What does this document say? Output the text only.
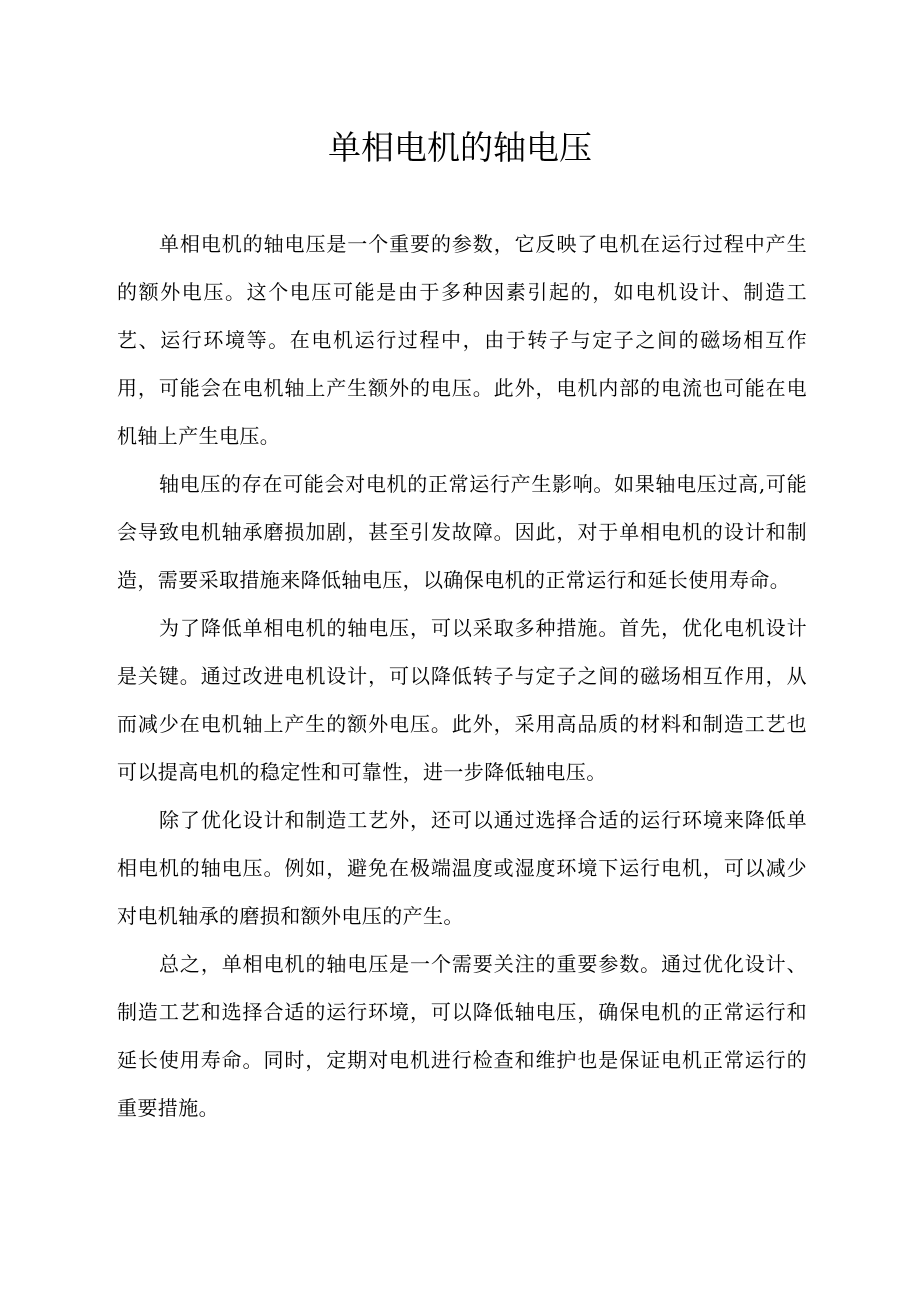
单相电机的轴电压

单相电机的轴电压是一个重要的参数，它反映了电机在运行过程中产生的额外电压。这个电压可能是由于多种因素引起的，如电机设计、制造工艺、运行环境等。在电机运行过程中，由于转子与定子之间的磁场相互作用，可能会在电机轴上产生额外的电压。此外，电机内部的电流也可能在电机轴上产生电压。

轴电压的存在可能会对电机的正常运行产生影响。如果轴电压过高,可能会导致电机轴承磨损加剧，甚至引发故障。因此，对于单相电机的设计和制造，需要采取措施来降低轴电压，以确保电机的正常运行和延长使用寿命。

为了降低单相电机的轴电压，可以采取多种措施。首先，优化电机设计是关键。通过改进电机设计，可以降低转子与定子之间的磁场相互作用，从而减少在电机轴上产生的额外电压。此外，采用高品质的材料和制造工艺也可以提高电机的稳定性和可靠性，进一步降低轴电压。

除了优化设计和制造工艺外，还可以通过选择合适的运行环境来降低单相电机的轴电压。例如，避免在极端温度或湿度环境下运行电机，可以减少对电机轴承的磨损和额外电压的产生。

总之，单相电机的轴电压是一个需要关注的重要参数。通过优化设计、制造工艺和选择合适的运行环境，可以降低轴电压，确保电机的正常运行和延长使用寿命。同时，定期对电机进行检查和维护也是保证电机正常运行的重要措施。
